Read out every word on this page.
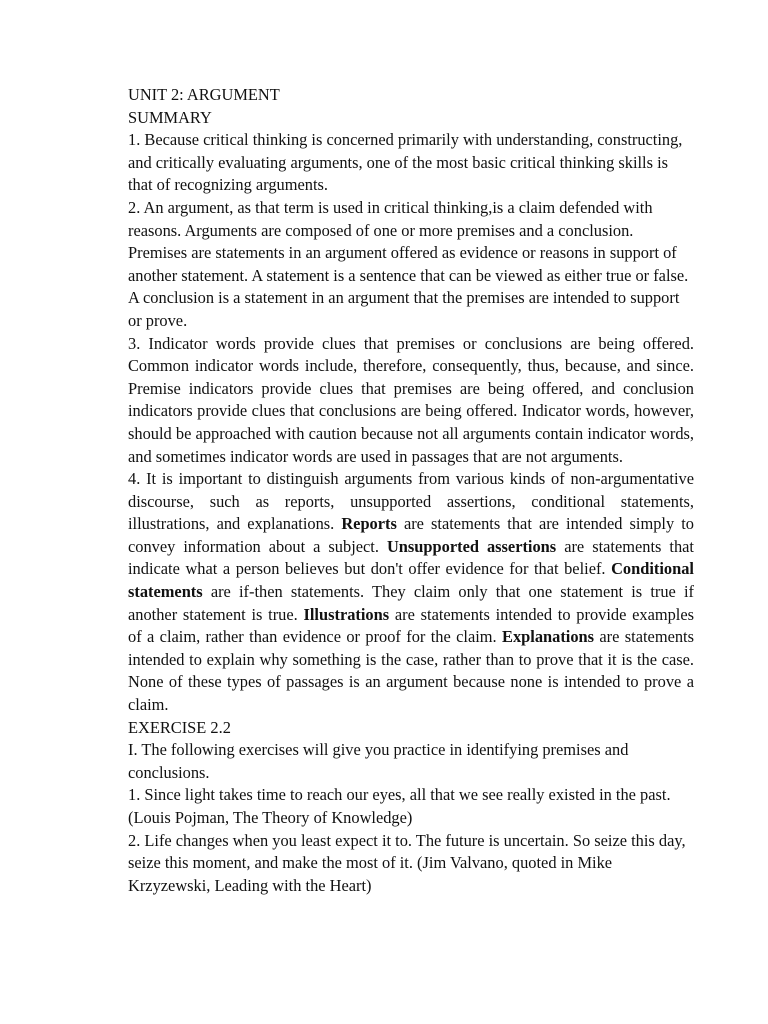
UNIT 2: ARGUMENT
SUMMARY
1. Because critical thinking is concerned primarily with understanding, constructing, and critically evaluating arguments, one of the most basic critical thinking skills is that of recognizing arguments.
2. An argument, as that term is used in critical thinking,is a claim defended with reasons. Arguments are composed of one or more premises and a conclusion. Premises are statements in an argument offered as evidence or reasons in support of another statement. A statement is a sentence that can be viewed as either true or false. A conclusion is a statement in an argument that the premises are intended to support or prove.
3. Indicator words provide clues that premises or conclusions are being offered. Common indicator words include, therefore, consequently, thus, because, and since. Premise indicators provide clues that premises are being offered, and conclusion indicators provide clues that conclusions are being offered. Indicator words, however, should be approached with caution because not all arguments contain indicator words, and sometimes indicator words are used in passages that are not arguments.
4. It is important to distinguish arguments from various kinds of non-argumentative discourse, such as reports, unsupported assertions, conditional statements, illustrations, and explanations. Reports are statements that are intended simply to convey information about a subject. Unsupported assertions are statements that indicate what a person believes but don't offer evidence for that belief. Conditional statements are if-then statements. They claim only that one statement is true if another statement is true. Illustrations are statements intended to provide examples of a claim, rather than evidence or proof for the claim. Explanations are statements intended to explain why something is the case, rather than to prove that it is the case. None of these types of passages is an argument because none is intended to prove a claim.
EXERCISE 2.2
I. The following exercises will give you practice in identifying premises and conclusions.
1. Since light takes time to reach our eyes, all that we see really existed in the past. (Louis Pojman, The Theory of Knowledge)
2. Life changes when you least expect it to. The future is uncertain. So seize this day, seize this moment, and make the most of it. (Jim Valvano, quoted in Mike Krzyzewski, Leading with the Heart)
